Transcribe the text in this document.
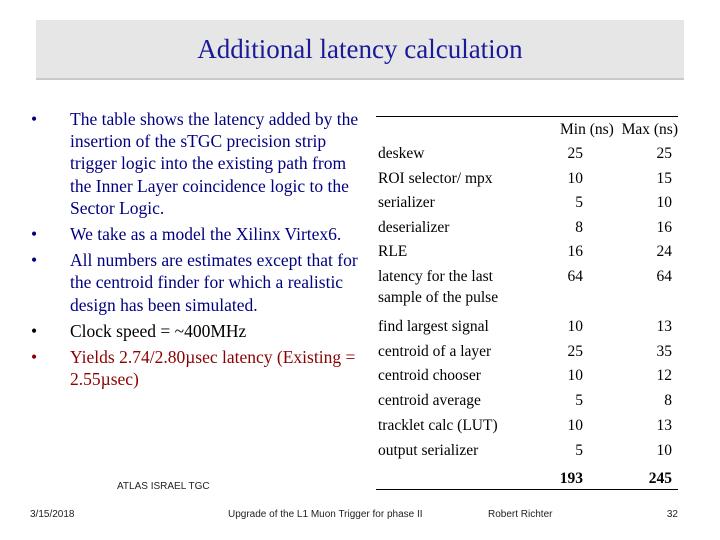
Additional latency calculation
• The table shows the latency added by the insertion of the sTGC precision strip trigger logic into the existing path from the Inner Layer coincidence logic to the Sector Logic.
• We take as a model the Xilinx Virtex6.
• All numbers are estimates except that for the centroid finder for which a realistic design has been simulated.
• Clock speed = ~400MHz
• Yields 2.74/2.80µsec latency (Existing = 2.55µsec)
Min (ns) Max (ns)
deskew	25	25
ROI selector/ mpx	10	15
serializer	5	10
deserializer	8	16
RLE	16	24
latency for the last sample of the pulse
64	64
find largest signal	10	13
centroid of a layer	25	35
centroid chooser	10	12
centroid average	5	8
tracklet calc (LUT)	10	13
output serializer	5	10
193	245
ATLAS ISRAEL TGC
3/15/2018	Upgrade of the L1 Muon Trigger for phase II	Robert Richter	32
